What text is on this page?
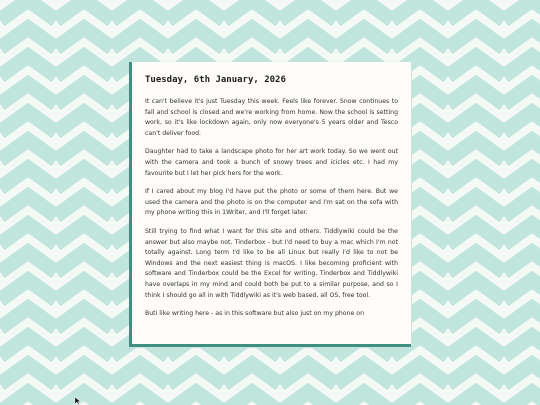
Tuesday, 6th January, 2026

It can't believe it's just Tuesday this week. Feels like forever. Snow continues to fall and school is closed and we're working from home. Now the school is setting work, so it's like lockdown again, only now everyone's 5 years older and Tesco can't deliver food.

Daughter had to take a landscape photo for her art work today. So we went out with the camera and took a bunch of snowy trees and icicles etc. I had my favourite but I let her pick hers for the work.

If I cared about my blog I'd have put the photo or some of them here. But we used the camera and the photo is on the computer and I'm sat on the sofa with my phone writing this in 1Writer, and I'll forget later.

Still trying to find what I want for this site and others. Tiddlywiki could be the answer but also maybe not. Tinderbox - but I'd need to buy a mac which I'm not totally against. Long term I'd like to be all Linux but really I'd like to not be Windows and the next easiest thing is macOS. I like becoming proficient with software and Tinderbox could be the Excel for writing. Tinderbox and Tiddlywiki have overlaps in my mind and could both be put to a similar purpose, and so I think I should go all in with Tiddlywiki as it's web based, all OS, free tool.

Buti like writing here - as in this software but also just on my phone on
